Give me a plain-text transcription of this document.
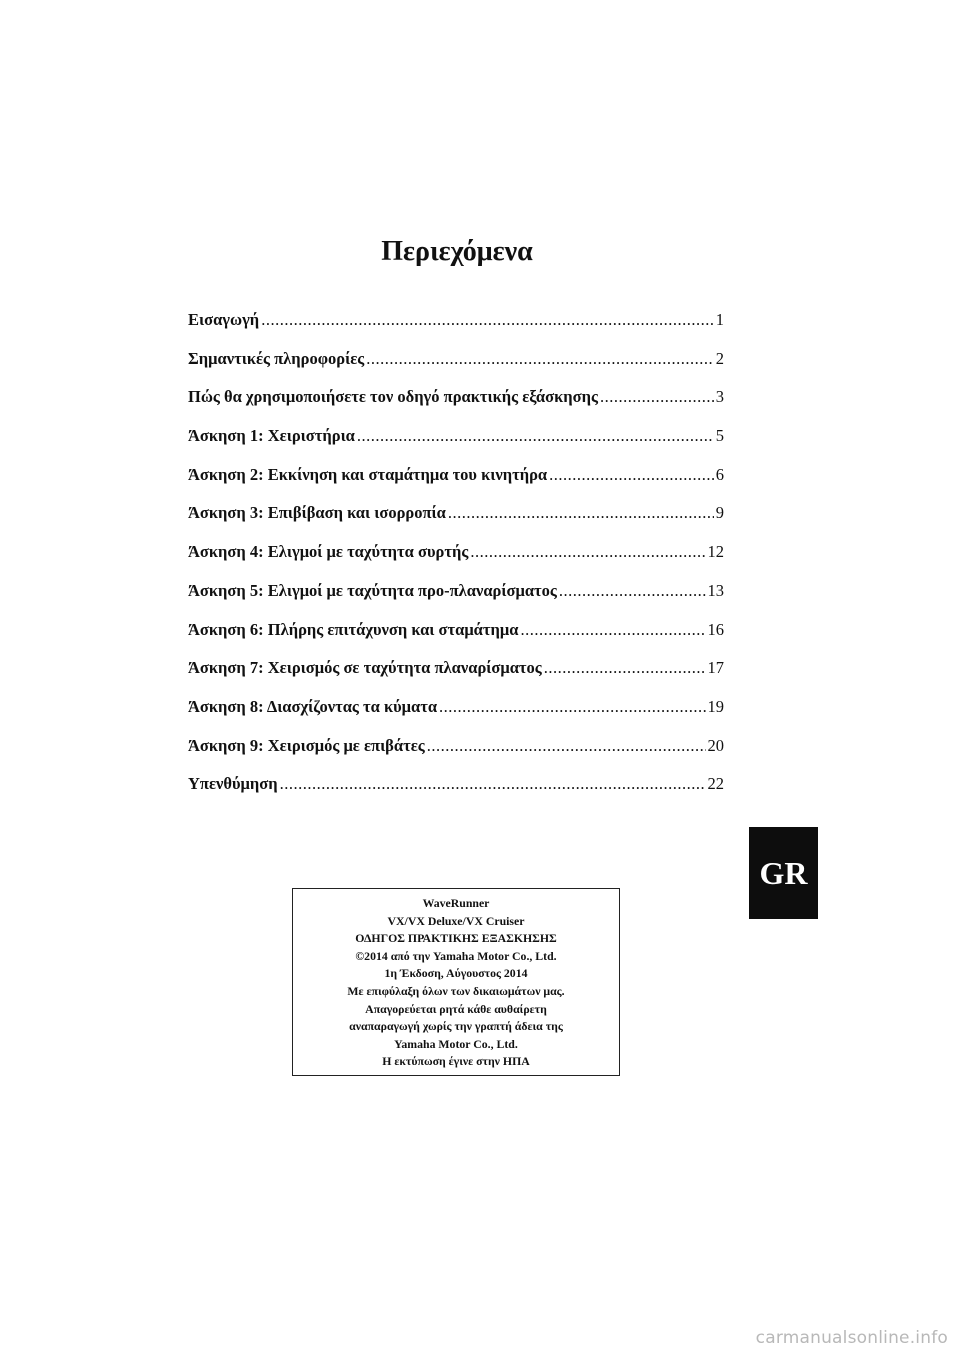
Περιεχόμενα
Εισαγωγή .....	1
Σημαντικές πληροφορίες .....	2
Πώς θα χρησιμοποιήσετε τον οδηγό πρακτικής εξάσκησης .....	3
Άσκηση 1: Χειριστήρια .....	5
Άσκηση 2: Εκκίνηση και σταμάτημα του κινητήρα .....	6
Άσκηση 3: Επιβίβαση και ισορροπία .....	9
Άσκηση 4: Ελιγμοί με ταχύτητα συρτής .....	12
Άσκηση 5: Ελιγμοί με ταχύτητα προ-πλαναρίσματος .....	13
Άσκηση 6: Πλήρης επιτάχυνση και σταμάτημα .....	16
Άσκηση 7: Χειρισμός σε ταχύτητα πλαναρίσματος .....	17
Άσκηση 8: Διασχίζοντας τα κύματα .....	19
Άσκηση 9: Χειρισμός με επιβάτες .....	20
Υπενθύμηση .....	22
GR
WaveRunner
VX/VX Deluxe/VX Cruiser
ΟΔΗΓΟΣ ΠΡΑΚΤΙΚΗΣ ΕΞΑΣΚΗΣΗΣ
©2014 από την Yamaha Motor Co., Ltd.
1η Έκδοση, Αύγουστος 2014
Με επιφύλαξη όλων των δικαιωμάτων μας.
Απαγορεύεται ρητά κάθε αυθαίρετη
αναπαραγωγή χωρίς την γραπτή άδεια της
Yamaha Motor Co., Ltd.
Η εκτύπωση έγινε στην ΗΠΑ
carmanualsonline.info
